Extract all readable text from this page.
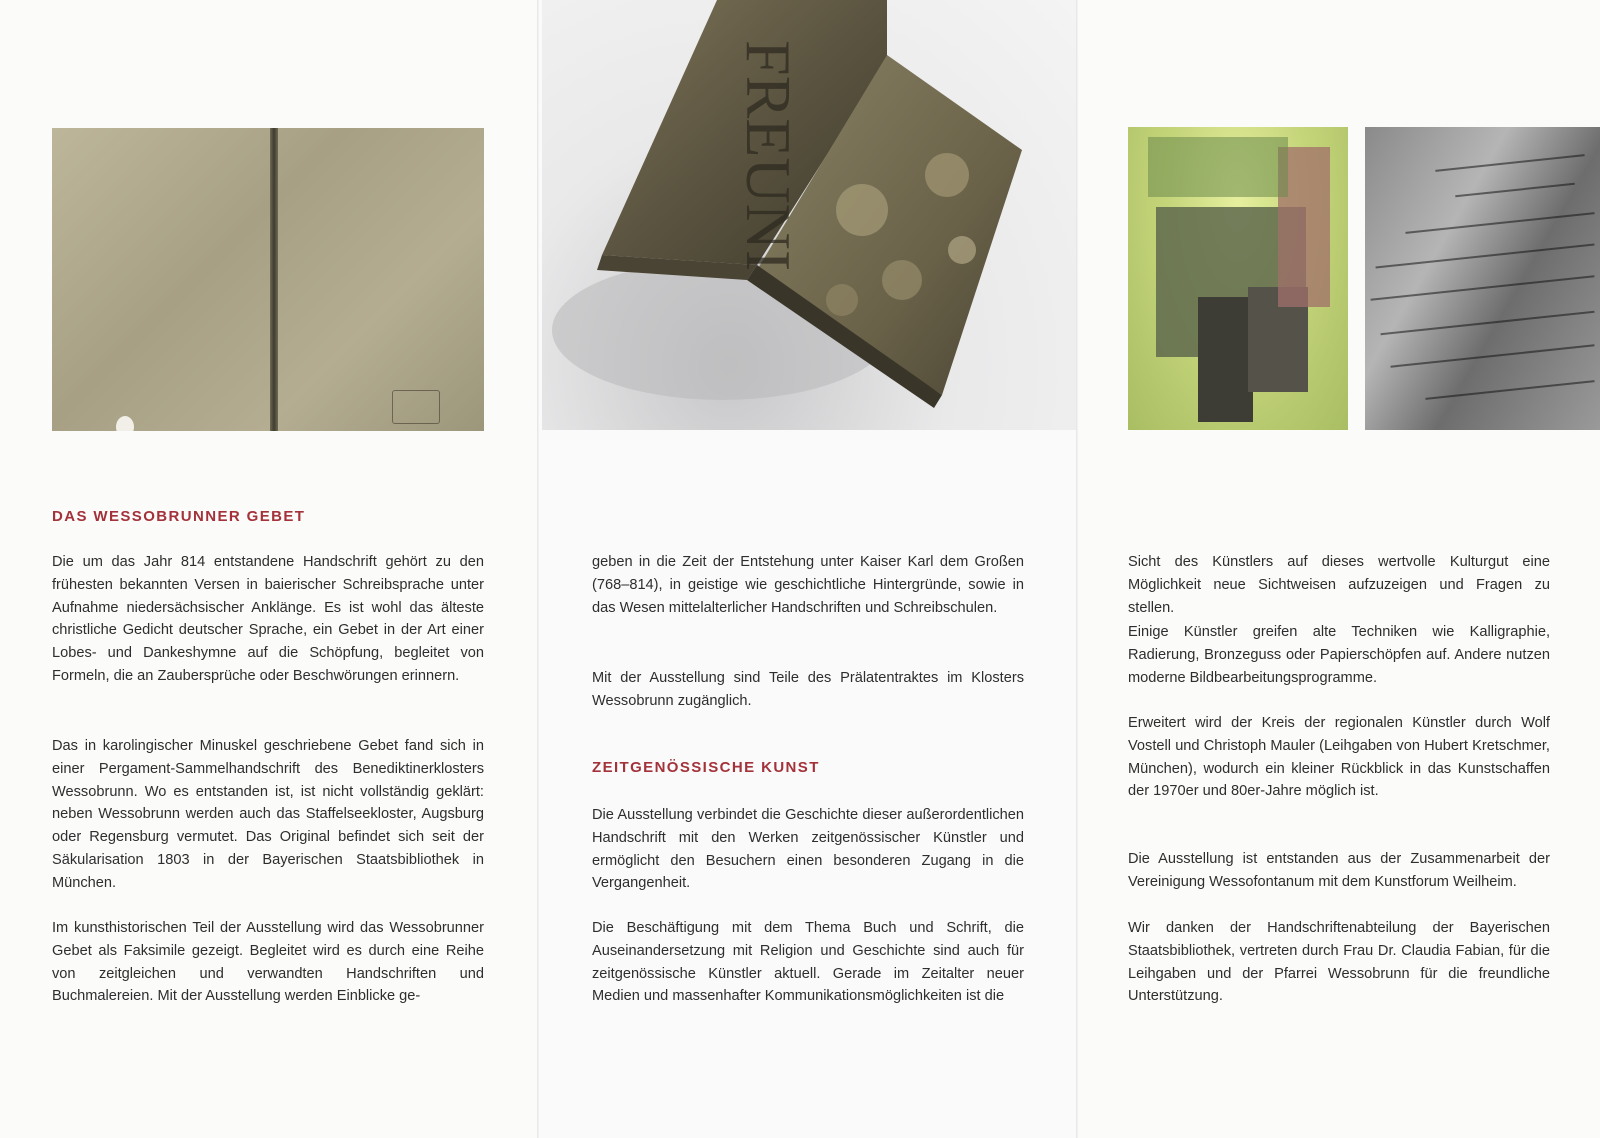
DAS WESSOBRUNNER GEBET

Die um das Jahr 814 entstandene Handschrift gehört zu den frühesten bekannten Versen in baierischer Schreibsprache unter Aufnahme niedersächsischer Anklänge. Es ist wohl das älteste christliche Gedicht deutscher Sprache, ein Gebet in der Art einer Lobes- und Dankeshymne auf die Schöpfung, begleitet von Formeln, die an Zaubersprüche oder Beschwörungen erinnern.

Das in karolingischer Minuskel geschriebene Gebet fand sich in einer Pergament-Sammelhandschrift des Benediktinerklosters Wessobrunn. Wo es entstanden ist, ist nicht vollständig geklärt: neben Wessobrunn werden auch das Staffelseekloster, Augsburg oder Regensburg vermutet. Das Original befindet sich seit der Säkularisation 1803 in der Bayerischen Staatsbibliothek in München.

Im kunsthistorischen Teil der Ausstellung wird das Wessobrunner Gebet als Faksimile gezeigt. Begleitet wird es durch eine Reihe von zeitgleichen und verwandten Handschriften und Buchmalereien. Mit der Ausstellung werden Einblicke ge-

FREUNI

geben in die Zeit der Entstehung unter Kaiser Karl dem Großen (768–814), in geistige wie geschichtliche Hintergründe, sowie in das Wesen mittelalterlicher Handschriften und Schreibschulen.

Mit der Ausstellung sind Teile des Prälatentraktes im Klosters Wessobrunn zugänglich.

ZEITGENÖSSISCHE KUNST

Die Ausstellung verbindet die Geschichte dieser außerordentlichen Handschrift mit den Werken zeitgenössischer Künstler und ermöglicht den Besuchern einen besonderen Zugang in die Vergangenheit.

Die Beschäftigung mit dem Thema Buch und Schrift, die Auseinandersetzung mit Religion und Geschichte sind auch für zeitgenössische Künstler aktuell. Gerade im Zeitalter neuer Medien und massenhafter Kommunikationsmöglichkeiten ist die

Sicht des Künstlers auf dieses wertvolle Kulturgut eine Möglichkeit neue Sichtweisen aufzuzeigen und Fragen zu stellen.

Einige Künstler greifen alte Techniken wie Kalligraphie, Radierung, Bronzeguss oder Papierschöpfen auf. Andere nutzen moderne Bildbearbeitungsprogramme.

Erweitert wird der Kreis der regionalen Künstler durch Wolf Vostell und Christoph Mauler (Leihgaben von Hubert Kretschmer, München), wodurch ein kleiner Rückblick in das Kunstschaffen der 1970er und 80er-Jahre möglich ist.

Die Ausstellung ist entstanden aus der Zusammenarbeit der Vereinigung Wessofontanum mit dem Kunstforum Weilheim.

Wir danken der Handschriftenabteilung der Bayerischen Staatsbibliothek, vertreten durch Frau Dr. Claudia Fabian, für die Leihgaben und der Pfarrei Wessobrunn für die freundliche Unterstützung.
